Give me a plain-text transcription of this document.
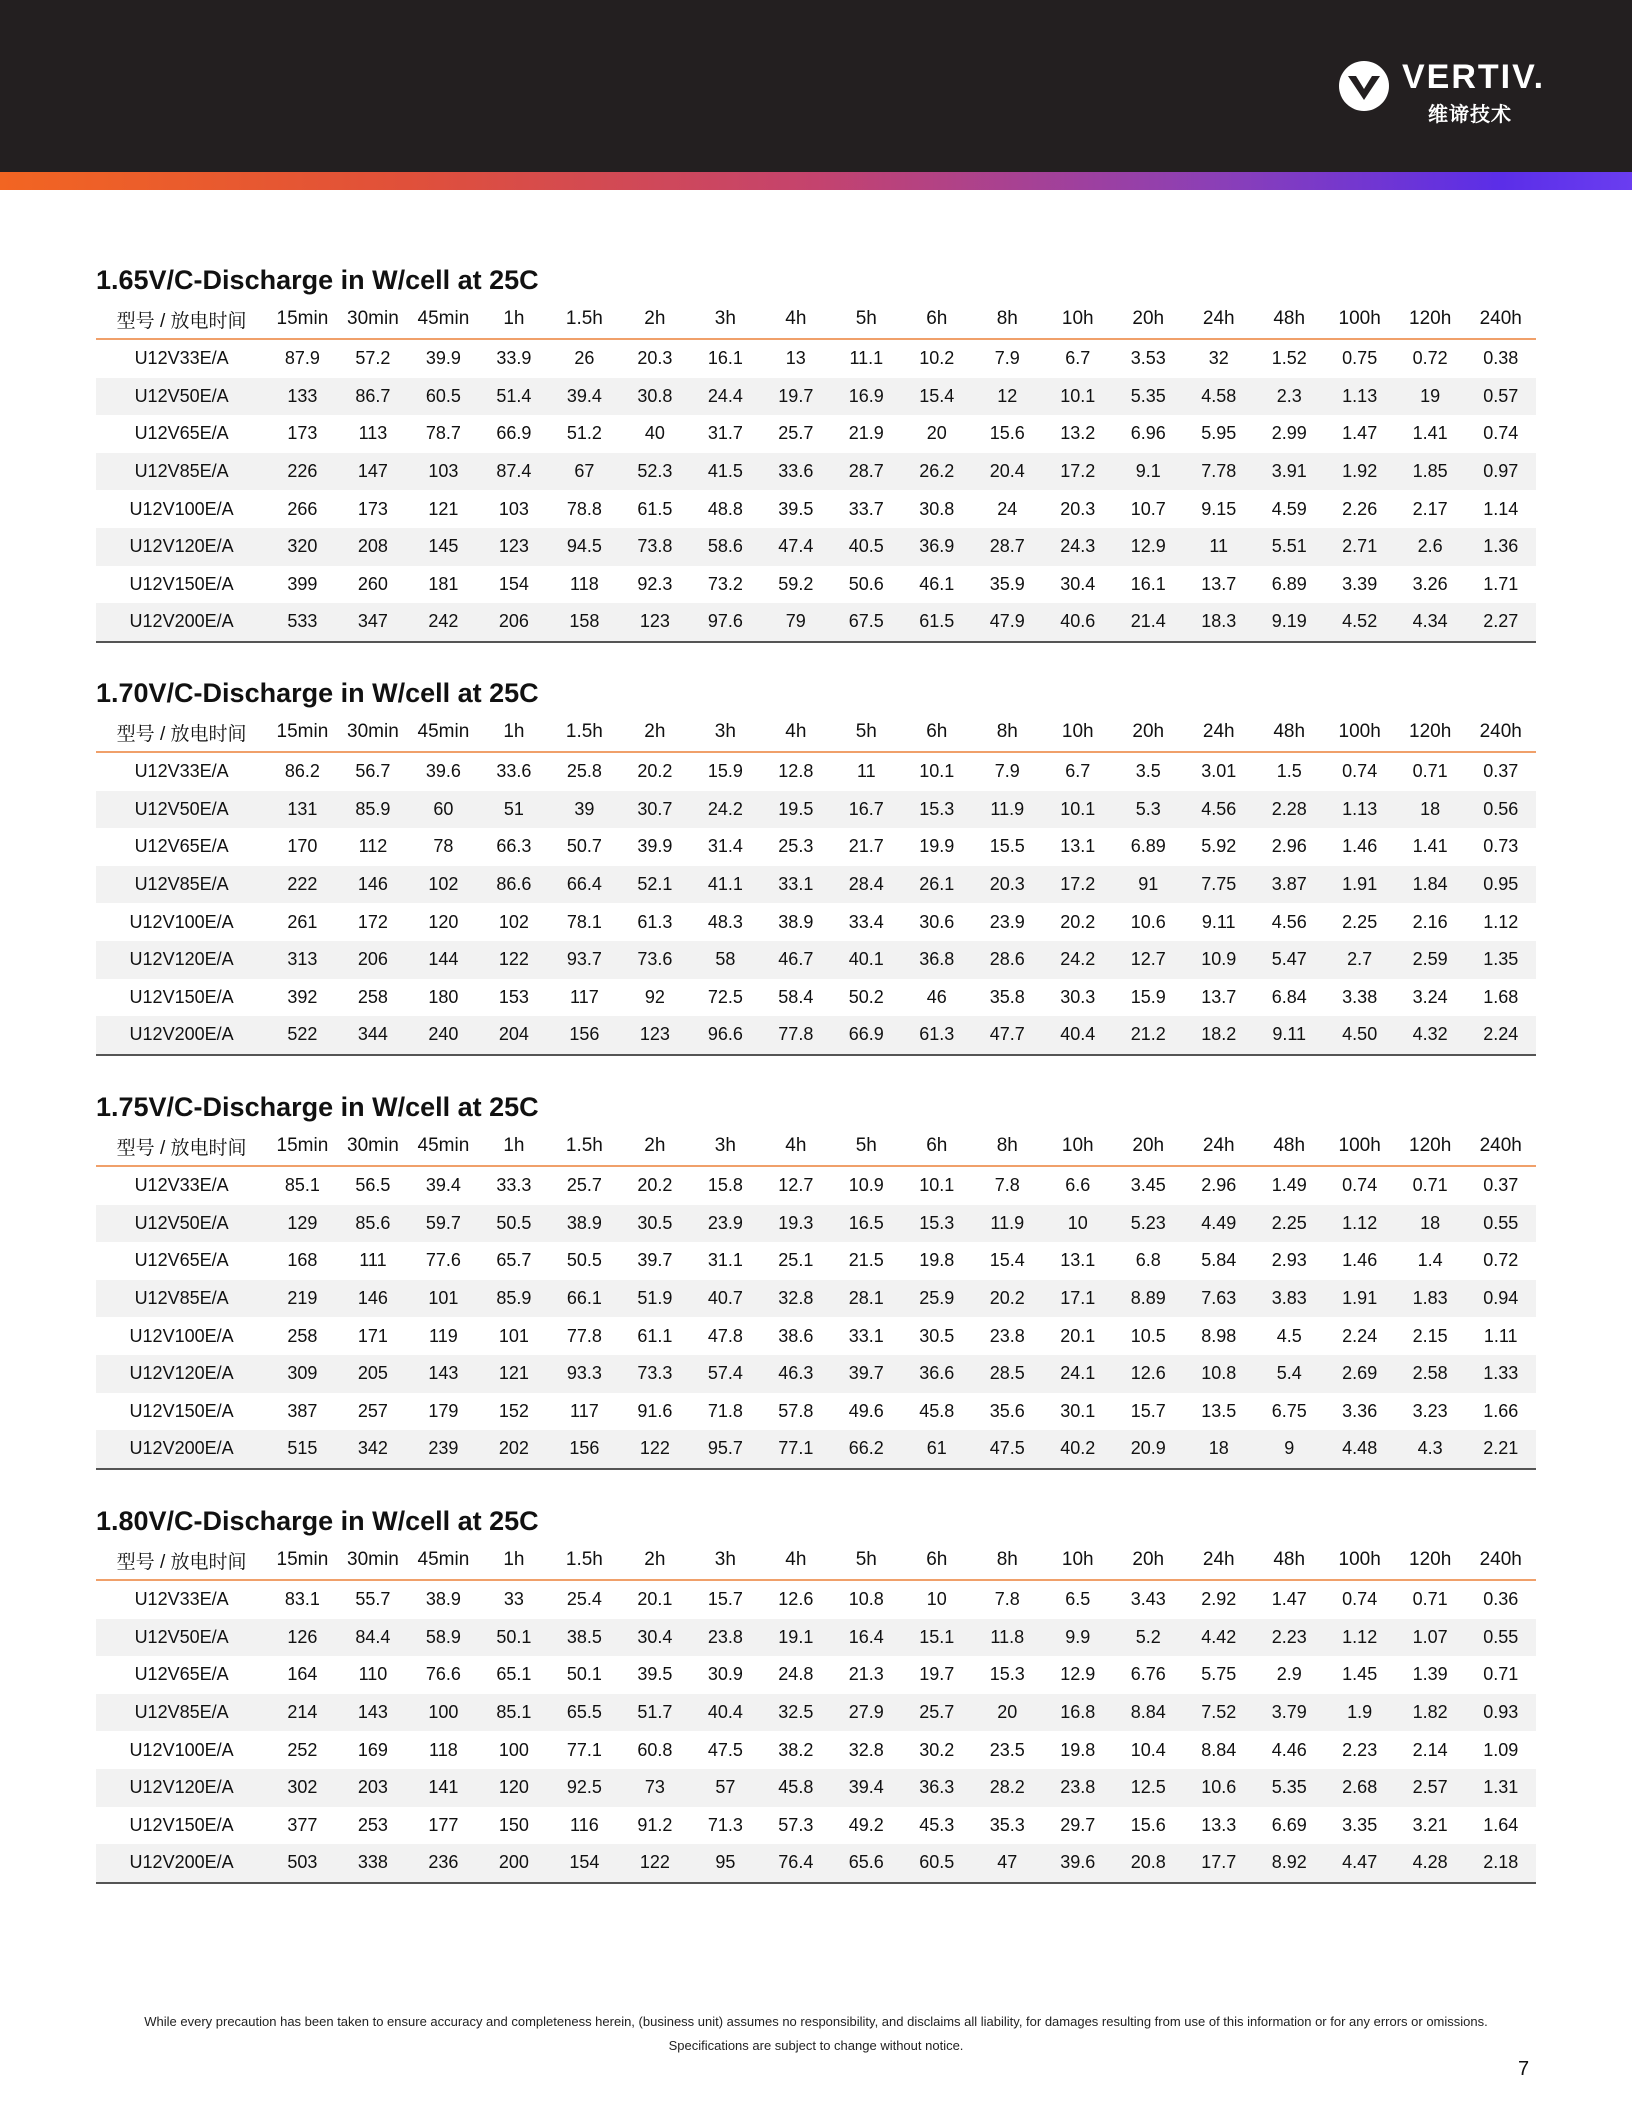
VERTIV.
维谛技术
1.65V/C-Discharge in W/cell at 25C
型号 / 放电时间	15min	30min	45min	1h	1.5h	2h	3h	4h	5h	6h	8h	10h	20h	24h	48h	100h	120h	240h
U12V33E/A	87.9	57.2	39.9	33.9	26	20.3	16.1	13	11.1	10.2	7.9	6.7	3.53	32	1.52	0.75	0.72	0.38
U12V50E/A	133	86.7	60.5	51.4	39.4	30.8	24.4	19.7	16.9	15.4	12	10.1	5.35	4.58	2.3	1.13	19	0.57
U12V65E/A	173	113	78.7	66.9	51.2	40	31.7	25.7	21.9	20	15.6	13.2	6.96	5.95	2.99	1.47	1.41	0.74
U12V85E/A	226	147	103	87.4	67	52.3	41.5	33.6	28.7	26.2	20.4	17.2	9.1	7.78	3.91	1.92	1.85	0.97
U12V100E/A	266	173	121	103	78.8	61.5	48.8	39.5	33.7	30.8	24	20.3	10.7	9.15	4.59	2.26	2.17	1.14
U12V120E/A	320	208	145	123	94.5	73.8	58.6	47.4	40.5	36.9	28.7	24.3	12.9	11	5.51	2.71	2.6	1.36
U12V150E/A	399	260	181	154	118	92.3	73.2	59.2	50.6	46.1	35.9	30.4	16.1	13.7	6.89	3.39	3.26	1.71
U12V200E/A	533	347	242	206	158	123	97.6	79	67.5	61.5	47.9	40.6	21.4	18.3	9.19	4.52	4.34	2.27
1.70V/C-Discharge in W/cell at 25C
型号 / 放电时间	15min	30min	45min	1h	1.5h	2h	3h	4h	5h	6h	8h	10h	20h	24h	48h	100h	120h	240h
U12V33E/A	86.2	56.7	39.6	33.6	25.8	20.2	15.9	12.8	11	10.1	7.9	6.7	3.5	3.01	1.5	0.74	0.71	0.37
U12V50E/A	131	85.9	60	51	39	30.7	24.2	19.5	16.7	15.3	11.9	10.1	5.3	4.56	2.28	1.13	18	0.56
U12V65E/A	170	112	78	66.3	50.7	39.9	31.4	25.3	21.7	19.9	15.5	13.1	6.89	5.92	2.96	1.46	1.41	0.73
U12V85E/A	222	146	102	86.6	66.4	52.1	41.1	33.1	28.4	26.1	20.3	17.2	91	7.75	3.87	1.91	1.84	0.95
U12V100E/A	261	172	120	102	78.1	61.3	48.3	38.9	33.4	30.6	23.9	20.2	10.6	9.11	4.56	2.25	2.16	1.12
U12V120E/A	313	206	144	122	93.7	73.6	58	46.7	40.1	36.8	28.6	24.2	12.7	10.9	5.47	2.7	2.59	1.35
U12V150E/A	392	258	180	153	117	92	72.5	58.4	50.2	46	35.8	30.3	15.9	13.7	6.84	3.38	3.24	1.68
U12V200E/A	522	344	240	204	156	123	96.6	77.8	66.9	61.3	47.7	40.4	21.2	18.2	9.11	4.50	4.32	2.24
1.75V/C-Discharge in W/cell at 25C
型号 / 放电时间	15min	30min	45min	1h	1.5h	2h	3h	4h	5h	6h	8h	10h	20h	24h	48h	100h	120h	240h
U12V33E/A	85.1	56.5	39.4	33.3	25.7	20.2	15.8	12.7	10.9	10.1	7.8	6.6	3.45	2.96	1.49	0.74	0.71	0.37
U12V50E/A	129	85.6	59.7	50.5	38.9	30.5	23.9	19.3	16.5	15.3	11.9	10	5.23	4.49	2.25	1.12	18	0.55
U12V65E/A	168	111	77.6	65.7	50.5	39.7	31.1	25.1	21.5	19.8	15.4	13.1	6.8	5.84	2.93	1.46	1.4	0.72
U12V85E/A	219	146	101	85.9	66.1	51.9	40.7	32.8	28.1	25.9	20.2	17.1	8.89	7.63	3.83	1.91	1.83	0.94
U12V100E/A	258	171	119	101	77.8	61.1	47.8	38.6	33.1	30.5	23.8	20.1	10.5	8.98	4.5	2.24	2.15	1.11
U12V120E/A	309	205	143	121	93.3	73.3	57.4	46.3	39.7	36.6	28.5	24.1	12.6	10.8	5.4	2.69	2.58	1.33
U12V150E/A	387	257	179	152	117	91.6	71.8	57.8	49.6	45.8	35.6	30.1	15.7	13.5	6.75	3.36	3.23	1.66
U12V200E/A	515	342	239	202	156	122	95.7	77.1	66.2	61	47.5	40.2	20.9	18	9	4.48	4.3	2.21
1.80V/C-Discharge in W/cell at 25C
型号 / 放电时间	15min	30min	45min	1h	1.5h	2h	3h	4h	5h	6h	8h	10h	20h	24h	48h	100h	120h	240h
U12V33E/A	83.1	55.7	38.9	33	25.4	20.1	15.7	12.6	10.8	10	7.8	6.5	3.43	2.92	1.47	0.74	0.71	0.36
U12V50E/A	126	84.4	58.9	50.1	38.5	30.4	23.8	19.1	16.4	15.1	11.8	9.9	5.2	4.42	2.23	1.12	1.07	0.55
U12V65E/A	164	110	76.6	65.1	50.1	39.5	30.9	24.8	21.3	19.7	15.3	12.9	6.76	5.75	2.9	1.45	1.39	0.71
U12V85E/A	214	143	100	85.1	65.5	51.7	40.4	32.5	27.9	25.7	20	16.8	8.84	7.52	3.79	1.9	1.82	0.93
U12V100E/A	252	169	118	100	77.1	60.8	47.5	38.2	32.8	30.2	23.5	19.8	10.4	8.84	4.46	2.23	2.14	1.09
U12V120E/A	302	203	141	120	92.5	73	57	45.8	39.4	36.3	28.2	23.8	12.5	10.6	5.35	2.68	2.57	1.31
U12V150E/A	377	253	177	150	116	91.2	71.3	57.3	49.2	45.3	35.3	29.7	15.6	13.3	6.69	3.35	3.21	1.64
U12V200E/A	503	338	236	200	154	122	95	76.4	65.6	60.5	47	39.6	20.8	17.7	8.92	4.47	4.28	2.18
While every precaution has been taken to ensure accuracy and completeness herein, (business unit) assumes no responsibility, and disclaims all liability, for damages resulting from use of this information or for any errors or omissions.
Specifications are subject to change without notice.
7
